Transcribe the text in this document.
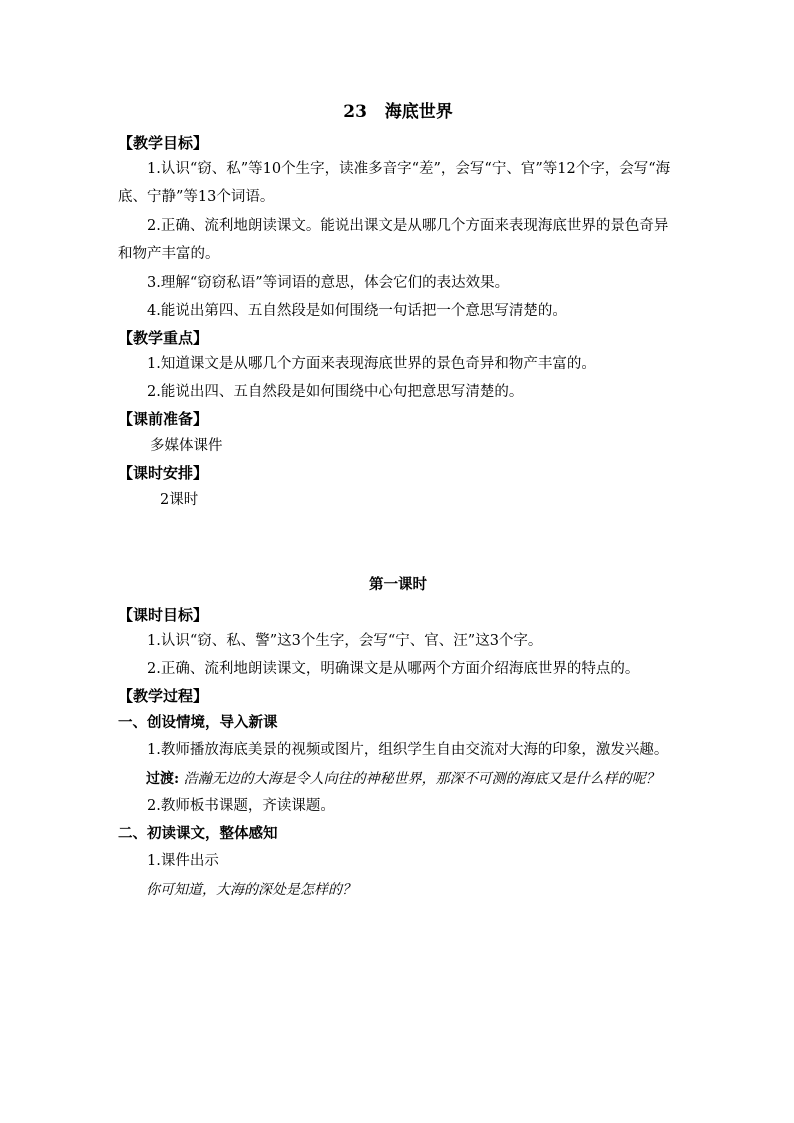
23   海底世界
【教学目标】

1.认识“窃、私”等10个生字，读准多音字“差”，会写“宁、官”等12个字，会写“海底、宁静”等13个词语。

2.正确、流利地朗读课文。能说出课文是从哪几个方面来表现海底世界的景色奇异和物产丰富的。

3.理解“窃窃私语”等词语的意思，体会它们的表达效果。

4.能说出第四、五自然段是如何围绕一句话把一个意思写清楚的。

【教学重点】

1.知道课文是从哪几个方面来表现海底世界的景色奇异和物产丰富的。

2.能说出四、五自然段是如何围绕中心句把意思写清楚的。

【课前准备】

多媒体课件

【课时安排】

2课时

第一课时
【课时目标】

1.认识“窃、私、警”这3个生字，会写“宁、官、汪”这3个字。

2.正确、流利地朗读课文，明确课文是从哪两个方面介绍海底世界的特点的。

【教学过程】
一、创设情境，导入新课

1.教师播放海底美景的视频或图片，组织学生自由交流对大海的印象，激发兴趣。

过渡: 浩瀚无边的大海是令人向往的神秘世界，那深不可测的海底又是什么样的呢？

2.教师板书课题，齐读课题。

二、初读课文，整体感知

1.课件出示

你可知道，大海的深处是怎样的？
